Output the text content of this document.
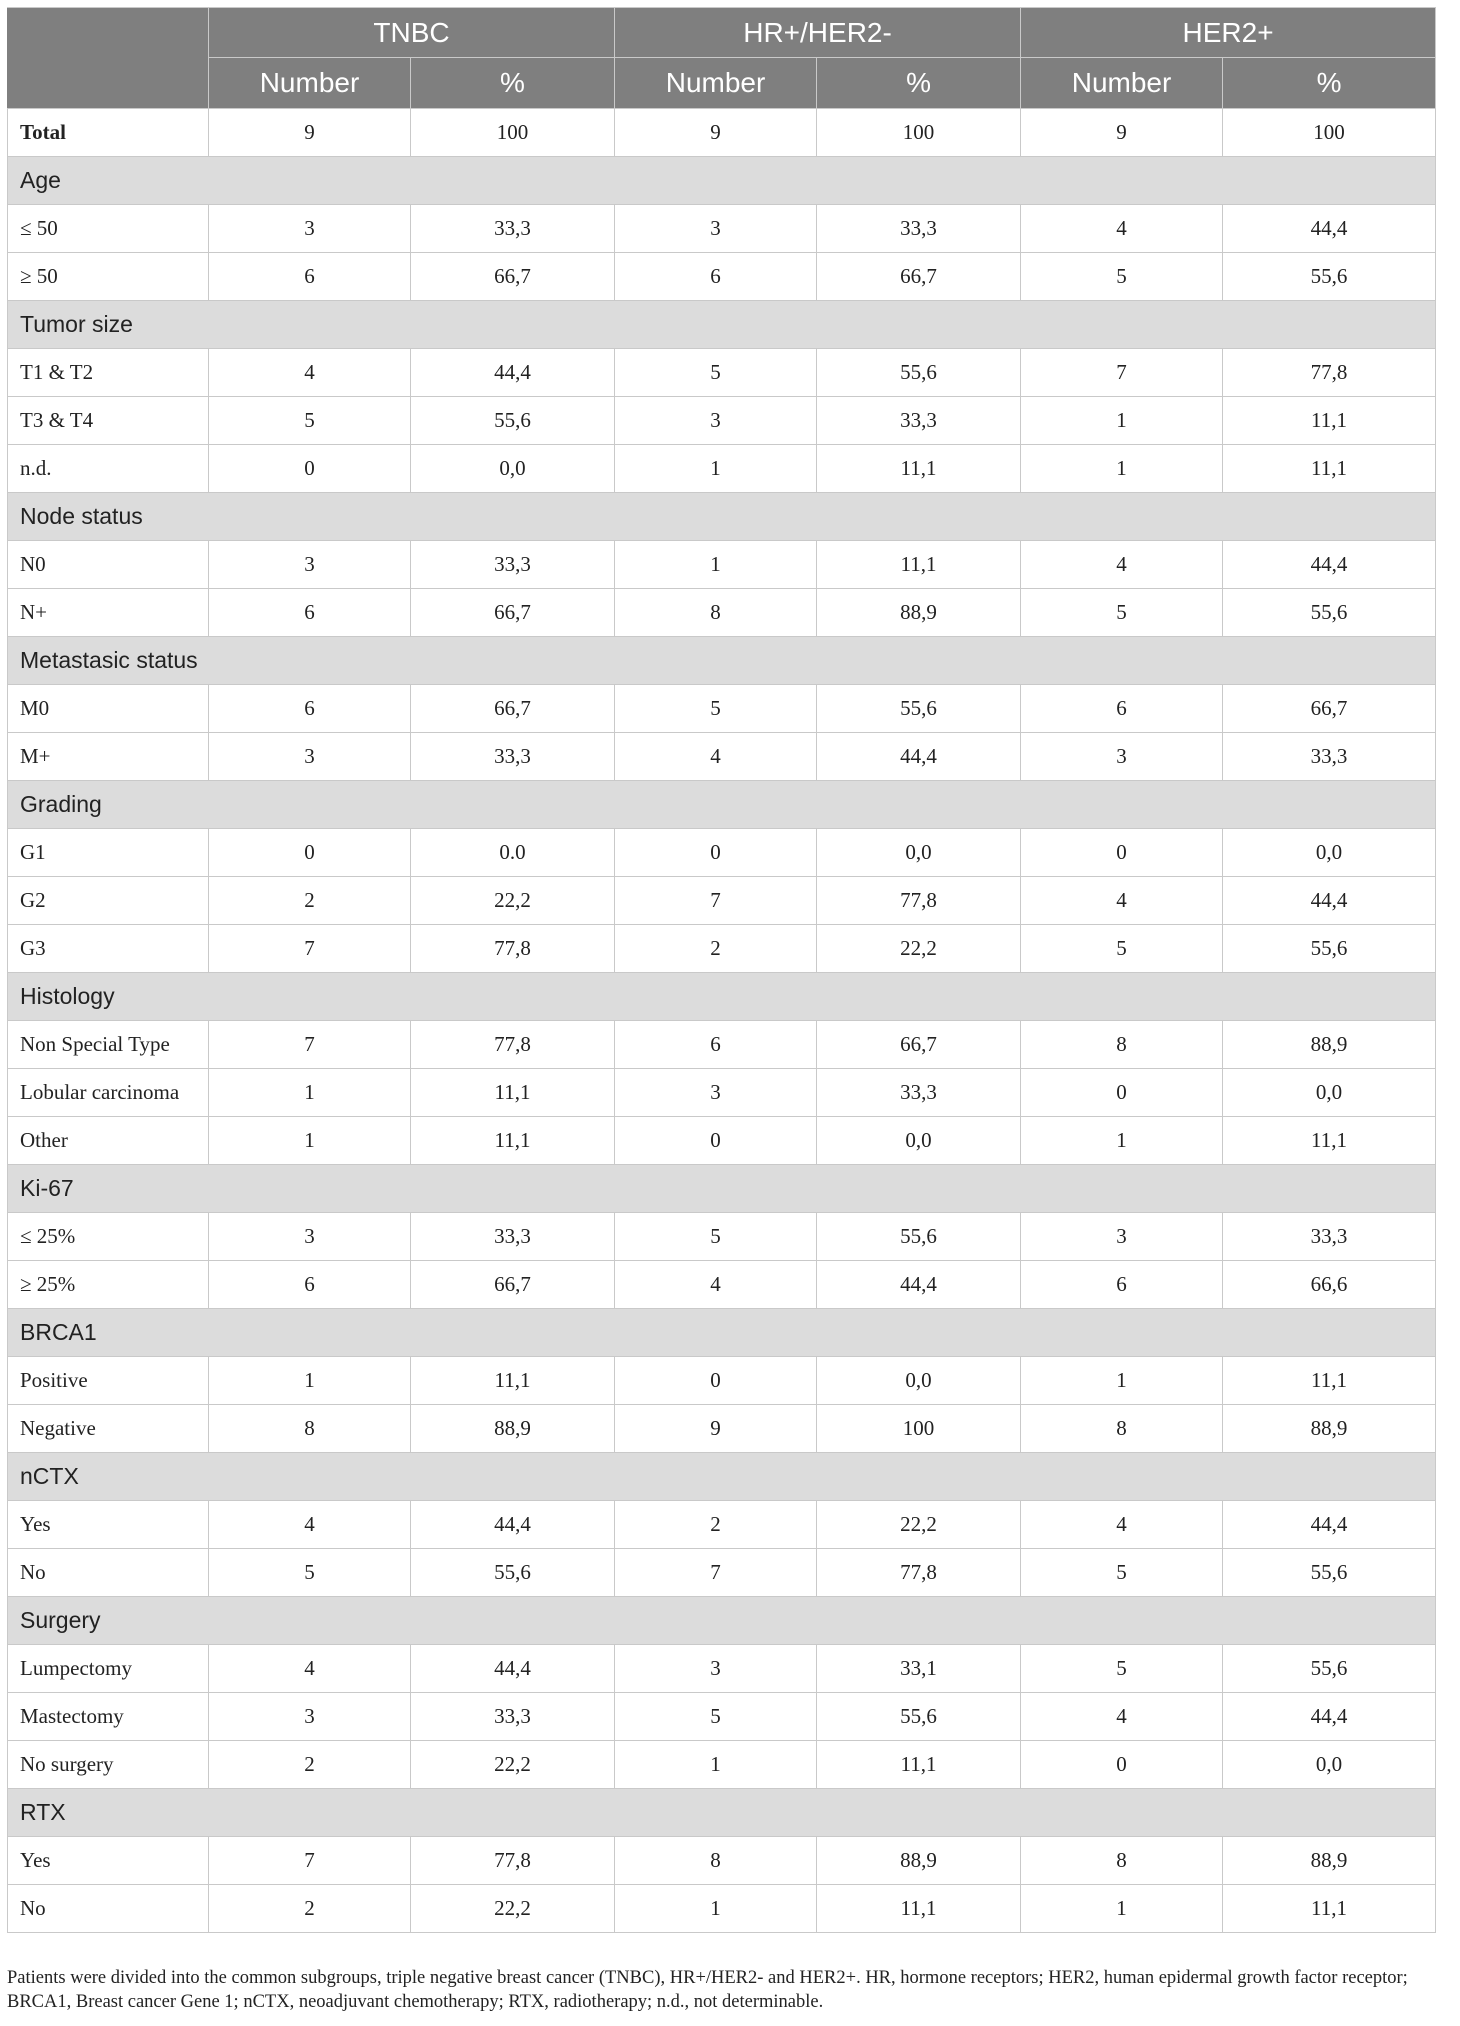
	TNBC		HR+/HER2-		HER2+	
	Number	%	Number	%	Number	%
Total	9	100	9	100	9	100
Age						
≤ 50	3	33,3	3	33,3	4	44,4
≥ 50	6	66,7	6	66,7	5	55,6
Tumor size						
T1 & T2	4	44,4	5	55,6	7	77,8
T3 & T4	5	55,6	3	33,3	1	11,1
n.d.	0	0,0	1	11,1	1	11,1
Node status						
N0	3	33,3	1	11,1	4	44,4
N+	6	66,7	8	88,9	5	55,6
Metastasic status						
M0	6	66,7	5	55,6	6	66,7
M+	3	33,3	4	44,4	3	33,3
Grading						
G1	0	0.0	0	0,0	0	0,0
G2	2	22,2	7	77,8	4	44,4
G3	7	77,8	2	22,2	5	55,6
Histology						
Non Special Type	7	77,8	6	66,7	8	88,9
Lobular carcinoma	1	11,1	3	33,3	0	0,0
Other	1	11,1	0	0,0	1	11,1
Ki-67						
≤ 25%	3	33,3	5	55,6	3	33,3
≥ 25%	6	66,7	4	44,4	6	66,6
BRCA1						
Positive	1	11,1	0	0,0	1	11,1
Negative	8	88,9	9	100	8	88,9
nCTX						
Yes	4	44,4	2	22,2	4	44,4
No	5	55,6	7	77,8	5	55,6
Surgery						
Lumpectomy	4	44,4	3	33,1	5	55,6
Mastectomy	3	33,3	5	55,6	4	44,4
No surgery	2	22,2	1	11,1	0	0,0
RTX						
Yes	7	77,8	8	88,9	8	88,9
No	2	22,2	1	11,1	1	11,1

Patients were divided into the common subgroups, triple negative breast cancer (TNBC), HR+/HER2- and HER2+. HR, hormone receptors; HER2, human epidermal growth factor receptor; BRCA1, Breast cancer Gene 1; nCTX, neoadjuvant chemotherapy; RTX, radiotherapy; n.d., not determinable.
